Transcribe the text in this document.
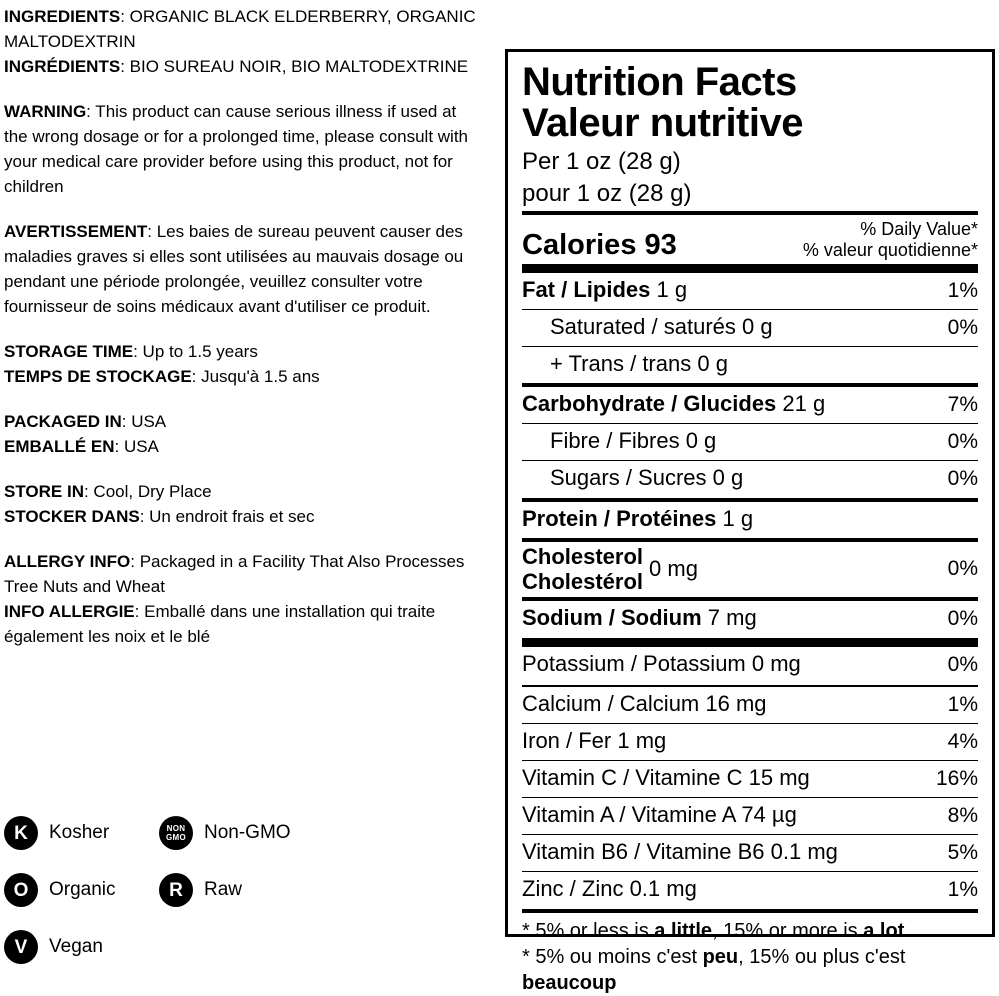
INGREDIENTS: ORGANIC BLACK ELDERBERRY, ORGANIC MALTODEXTRIN
INGRÉDIENTS: BIO SUREAU NOIR, BIO MALTODEXTRINE

WARNING: This product can cause serious illness if used at the wrong dosage or for a prolonged time, please consult with your medical care provider before using this product, not for children

AVERTISSEMENT: Les baies de sureau peuvent causer des maladies graves si elles sont utilisées au mauvais dosage ou pendant une période prolongée, veuillez consulter votre fournisseur de soins médicaux avant d'utiliser ce produit.

STORAGE TIME: Up to 1.5 years
TEMPS DE STOCKAGE: Jusqu'à 1.5 ans

PACKAGED IN: USA
EMBALLÉ EN: USA

STORE IN: Cool, Dry Place
STOCKER DANS: Un endroit frais et sec

ALLERGY INFO: Packaged in a Facility That Also Processes Tree Nuts and Wheat
INFO ALLERGIE: Emballé dans une installation qui traite également les noix et le blé

K	Kosher	NON
GMO Non-GMO
O	Organic	R	Raw
V	Vegan
Nutrition Facts
Valeur nutritive
Per 1 oz (28 g)
pour 1 oz (28 g)
Calories 93	% Daily Value*
% valeur quotidienne*
Fat / Lipides 1 g	1%
Saturated / saturés 0 g	0%
+ Trans / trans 0 g
Carbohydrate / Glucides 21 g	7%
Fibre / Fibres 0 g	0%
Sugars / Sucres 0 g	0%
Protein / Protéines 1 g
Cholesterol
Cholestérol
0 mg	0%
Sodium / Sodium 7 mg	0%
Potassium / Potassium 0 mg	0%
Calcium / Calcium 16 mg	1%
Iron / Fer 1 mg	4%
Vitamin C / Vitamine C 15 mg	16%
Vitamin A / Vitamine A 74 µg	8%
Vitamin B6 / Vitamine B6 0.1 mg	5%
Zinc / Zinc 0.1 mg	1%
* 5% or less is a little, 15% or more is a lot
* 5% ou moins c'est peu, 15% ou plus c'est beaucoup
